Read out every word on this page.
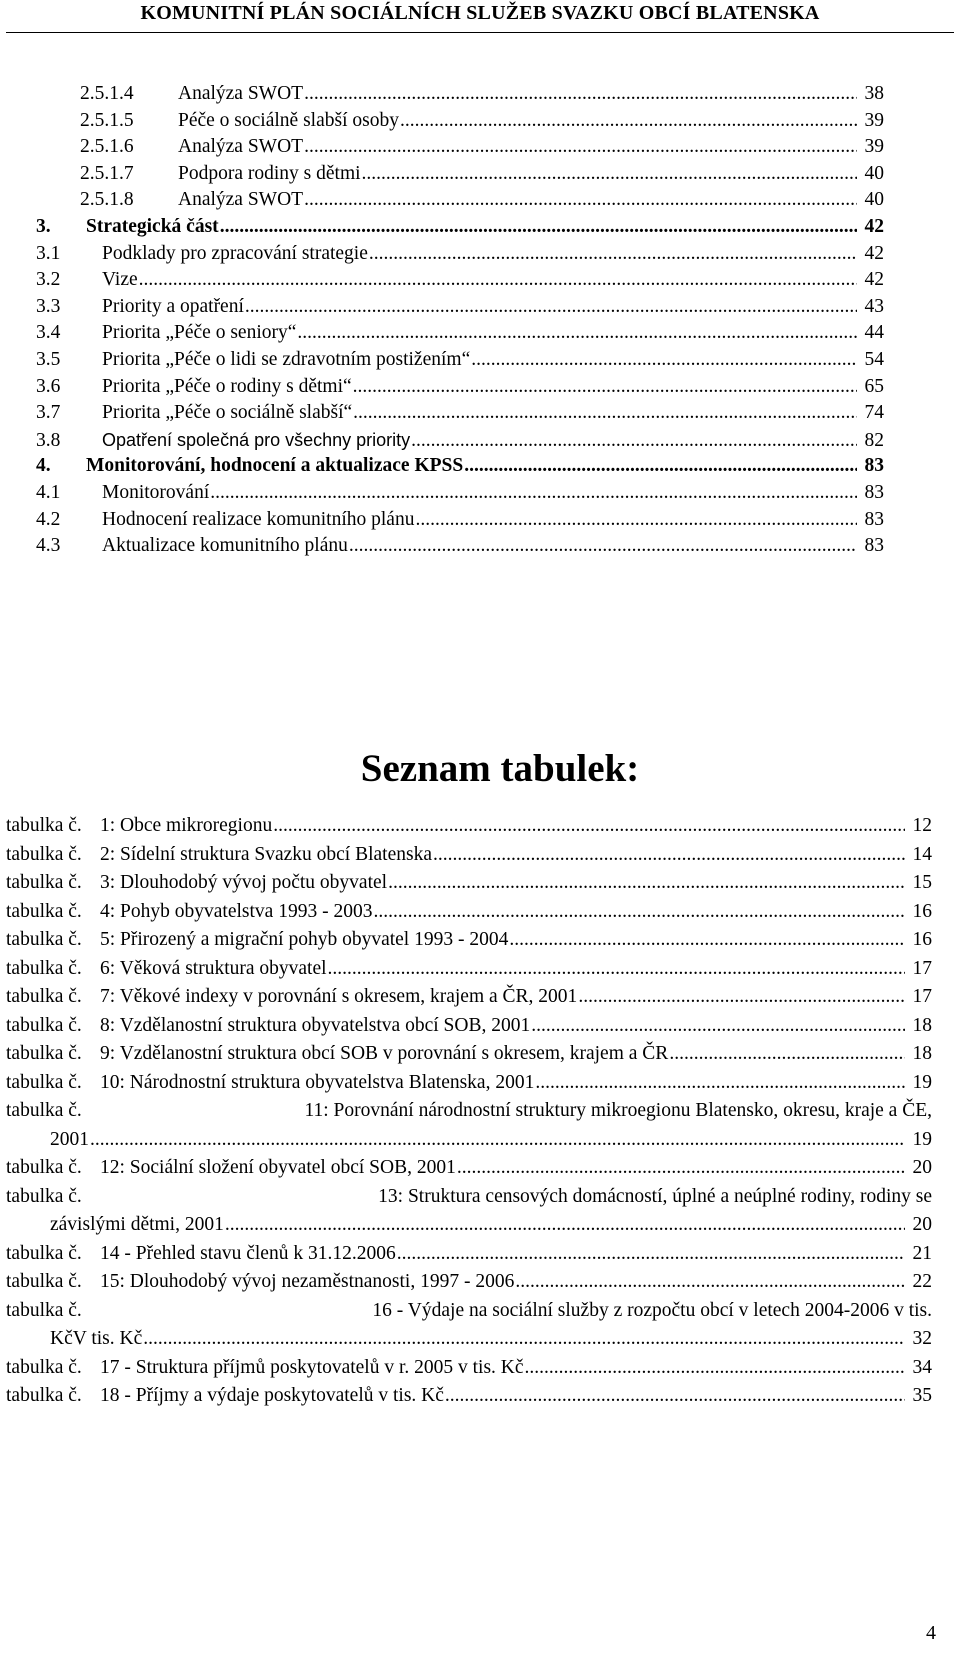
KOMUNITNÍ PLÁN SOCIÁLNÍCH SLUŽEB SVAZKU OBCÍ BLATENSKA
2.5.1.4	Analýza SWOT .....	38
2.5.1.5	Péče o sociálně slabší osoby .....	39
2.5.1.6	Analýza SWOT .....	39
2.5.1.7	Podpora rodiny s dětmi .....	40
2.5.1.8	Analýza SWOT .....	40
3.	Strategická část .....	42
3.1	Podklady pro zpracování strategie .....	42
3.2	Vize .....	42
3.3	Priority a opatření .....	43
3.4	Priorita „Péče o seniory“ .....	44
3.5	Priorita „Péče o lidi se zdravotním postižením“ .....	54
3.6	Priorita „Péče o rodiny s dětmi“ .....	65
3.7	Priorita „Péče o sociálně slabší“ .....	74
3.8	Opatření společná pro všechny priority .....	82
4.	Monitorování, hodnocení a aktualizace KPSS .....	83
4.1	Monitorování .....	83
4.2	Hodnocení realizace komunitního plánu .....	83
4.3	Aktualizace komunitního plánu .....	83
Seznam tabulek:
tabulka č. 1: Obce mikroregionu .....	12
tabulka č. 2: Sídelní struktura Svazku obcí Blatenska .....	14
tabulka č. 3: Dlouhodobý vývoj počtu obyvatel .....	15
tabulka č. 4: Pohyb obyvatelstva 1993 - 2003 .....	16
tabulka č. 5: Přirozený a migrační pohyb obyvatel 1993 - 2004 .....	16
tabulka č. 6: Věková struktura obyvatel .....	17
tabulka č. 7: Věkové indexy v porovnání s okresem, krajem a ČR, 2001 .....	17
tabulka č. 8: Vzdělanostní struktura obyvatelstva obcí SOB, 2001 .....	18
tabulka č. 9: Vzdělanostní struktura obcí SOB v porovnání s okresem, krajem a ČR .....	18
tabulka č. 10: Národnostní struktura obyvatelstva Blatenska, 2001 .....	19
tabulka č.	11: Porovnání národnostní struktury mikroegionu Blatensko, okresu, kraje a ČE,
2001 .....	19
tabulka č. 12: Sociální složení obyvatel obcí SOB, 2001 .....	20
tabulka č.	13: Struktura censových domácností, úplné a neúplné rodiny, rodiny se
závislými dětmi, 2001 .....	20
tabulka č. 14 - Přehled stavu členů k 31.12.2006 .....	21
tabulka č. 15: Dlouhodobý vývoj nezaměstnanosti, 1997 - 2006 .....	22
tabulka č.	16 - Výdaje na sociální služby z rozpočtu obcí v letech 2004-2006 v tis.
KčV tis. Kč .....	32
tabulka č. 17 - Struktura příjmů poskytovatelů v r. 2005 v tis. Kč .....	34
tabulka č. 18 - Příjmy a výdaje poskytovatelů v tis. Kč .....	35
4
